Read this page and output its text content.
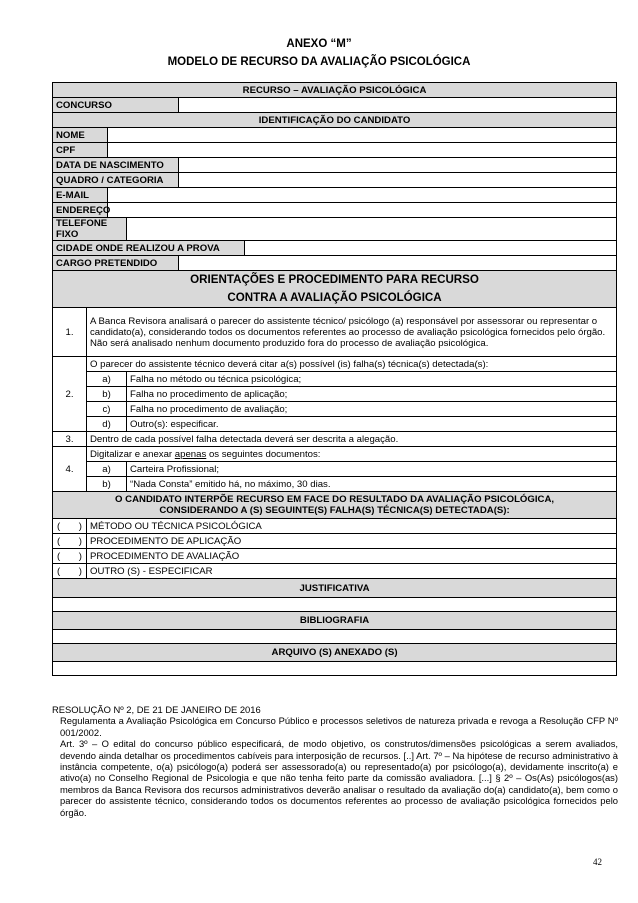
ANEXO “M”
MODELO DE RECURSO DA AVALIAÇÃO PSICOLÓGICA
RECURSO – AVALIAÇÃO PSICOLÓGICA					
CONCURSO					
IDENTIFICAÇÃO DO CANDIDATO					
NOME					
CPF					
DATA DE NASCIMENTO					
QUADRO / CATEGORIA					
E-MAIL					
ENDEREÇO					
TELEFONE FIXO					
CIDADE ONDE REALIZOU A PROVA					
CARGO PRETENDIDO					

ORIENTAÇÕES E PROCEDIMENTO PARA RECURSO
CONTRA A AVALIAÇÃO PSICOLÓGICA					

1.	A Banca Revisora analisará o parecer do assistente técnico/ psicólogo (a) responsável por assessorar ou representar o candidato(a), considerando todos os documentos referentes ao processo de avaliação psicológica fornecidos pelo órgão. Não será analisado nenhum documento produzido fora do processo de avaliação psicológica.				
2.	O parecer do assistente técnico deverá citar a(s) possível (is) falha(s) técnica(s) detectada(s):				
	a)		Falha no método ou técnica psicológica;		
	b)		Falha no procedimento de aplicação;		
	c)		Falha no procedimento de avaliação;		
	d)		Outro(s): especificar.		
3.	Dentro de cada possível falha detectada deverá ser descrita a alegação.				
4.	Digitalizar e anexar apenas os seguintes documentos:				
	a)		Carteira Profissional;		
	b)		“Nada Consta” emitido há, no máximo, 30 dias.		

O CANDIDATO INTERPÕE RECURSO EM FACE DO RESULTADO DA AVALIAÇÃO PSICOLÓGICA,
CONSIDERANDO A (S) SEGUINTE(S) FALHA(S) TÉCNICA(S) DETECTADA(S):					

( )	MÉTODO OU TÉCNICA PSICOLÓGICA				
( )	PROCEDIMENTO DE APLICAÇÃO				
( )	PROCEDIMENTO DE AVALIAÇÃO				
( )	OUTRO (S) - ESPECIFICAR				
JUSTIFICATIVA					

BIBLIOGRAFIA					

ARQUIVO (S) ANEXADO (S)					

RESOLUÇÃO Nº 2, DE 21 DE JANEIRO DE 2016

Regulamenta a Avaliação Psicológica em Concurso Público e processos seletivos de natureza privada e revoga a Resolução CFP Nº 001/2002.

Art. 3º – O edital do concurso público especificará, de modo objetivo, os construtos/dimensões psicológicas a serem avaliados, devendo ainda detalhar os procedimentos cabíveis para interposição de recursos. [..] Art. 7º – Na hipótese de recurso administrativo à instância competente, o(a) psicólogo(a) poderá ser assessorado(a) ou representado(a) por psicólogo(a), devidamente inscrito(a) e ativo(a) no Conselho Regional de Psicologia e que não tenha feito parte da comissão avaliadora. [...] § 2º – Os(As) psicólogos(as) membros da Banca Revisora dos recursos administrativos deverão analisar o resultado da avaliação do(a) candidato(a), bem como o parecer do assistente técnico, considerando todos os documentos referentes ao processo de avaliação psicológica fornecidos pelo órgão.

42
